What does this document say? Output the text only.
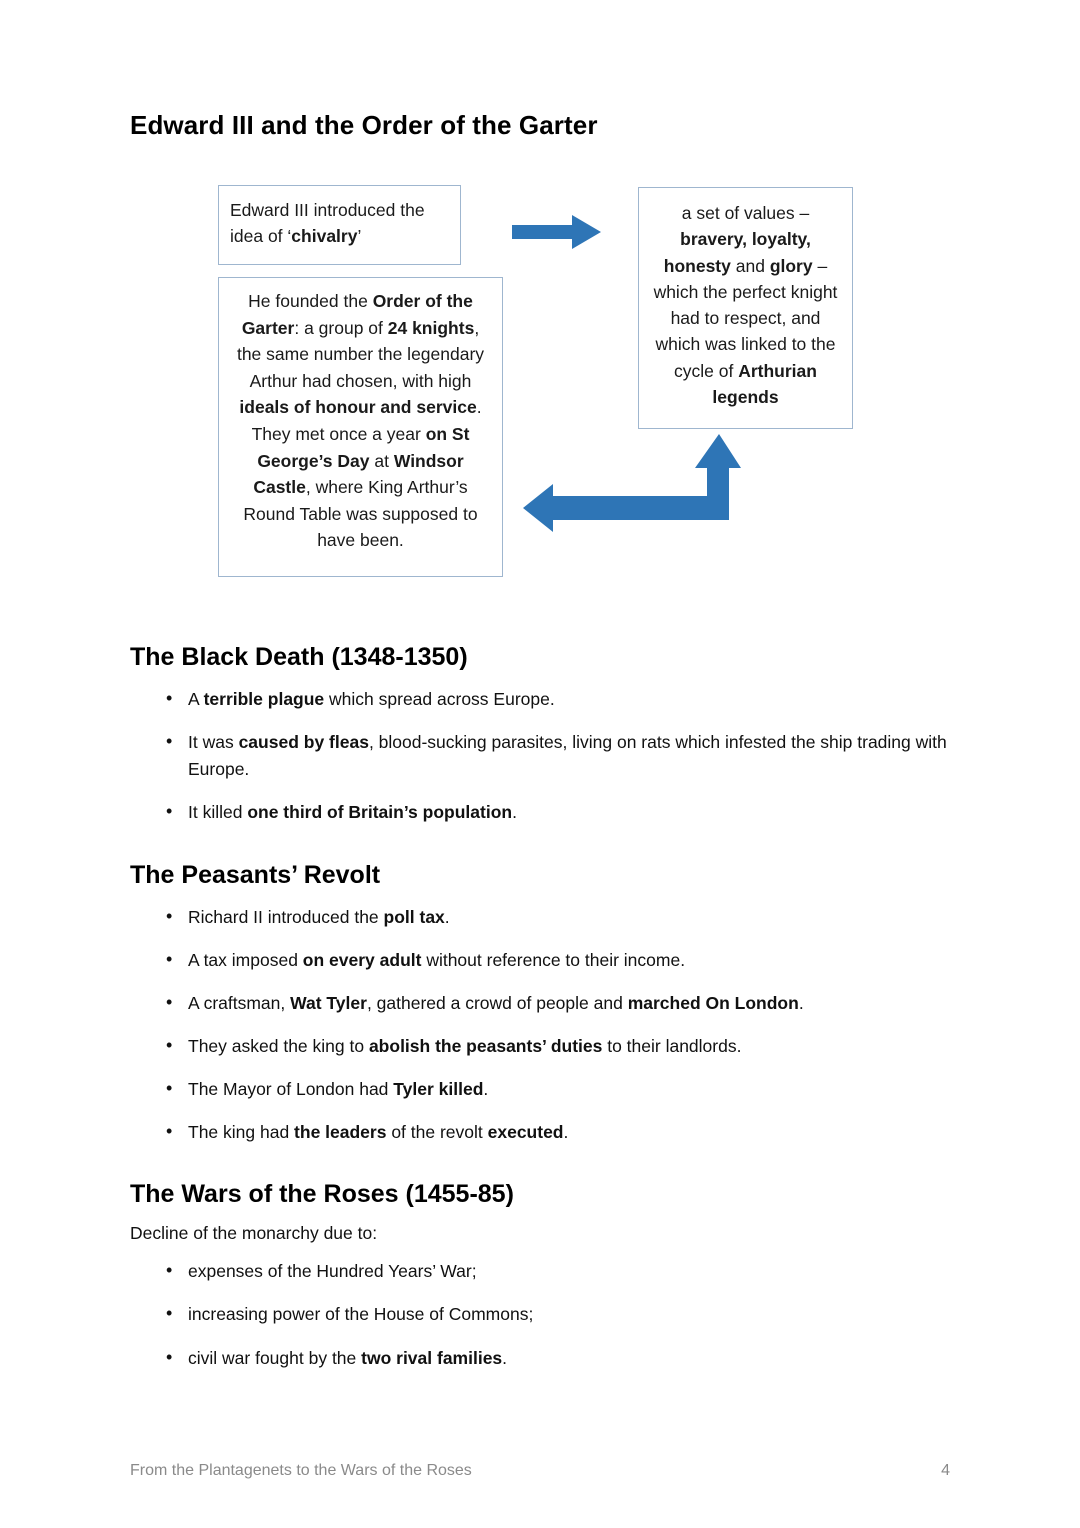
Edward III and the Order of the Garter
Edward III introduced the idea of ‘chivalry’
He founded the Order of the Garter: a group of 24 knights, the same number the legendary Arthur had chosen, with high ideals of honour and service. They met once a year on St George’s Day at Windsor Castle, where King Arthur’s Round Table was supposed to have been.
a set of values – bravery, loyalty, honesty and glory – which the perfect knight had to respect, and which was linked to the cycle of Arthurian legends
The Black Death (1348-1350)
• A terrible plague which spread across Europe.
• It was caused by fleas, blood-sucking parasites, living on rats which infested the ship trading with Europe.
• It killed one third of Britain’s population.
The Peasants’ Revolt
• Richard II introduced the poll tax.
• A tax imposed on every adult without reference to their income.
• A craftsman, Wat Tyler, gathered a crowd of people and marched On London.
• They asked the king to abolish the peasants’ duties to their landlords.
• The Mayor of London had Tyler killed.
• The king had the leaders of the revolt executed.
The Wars of the Roses (1455-85)

Decline of the monarchy due to:

• expenses of the Hundred Years’ War;
• increasing power of the House of Commons;
• civil war fought by the two rival families.
From the Plantagenets to the Wars of the Roses	4
